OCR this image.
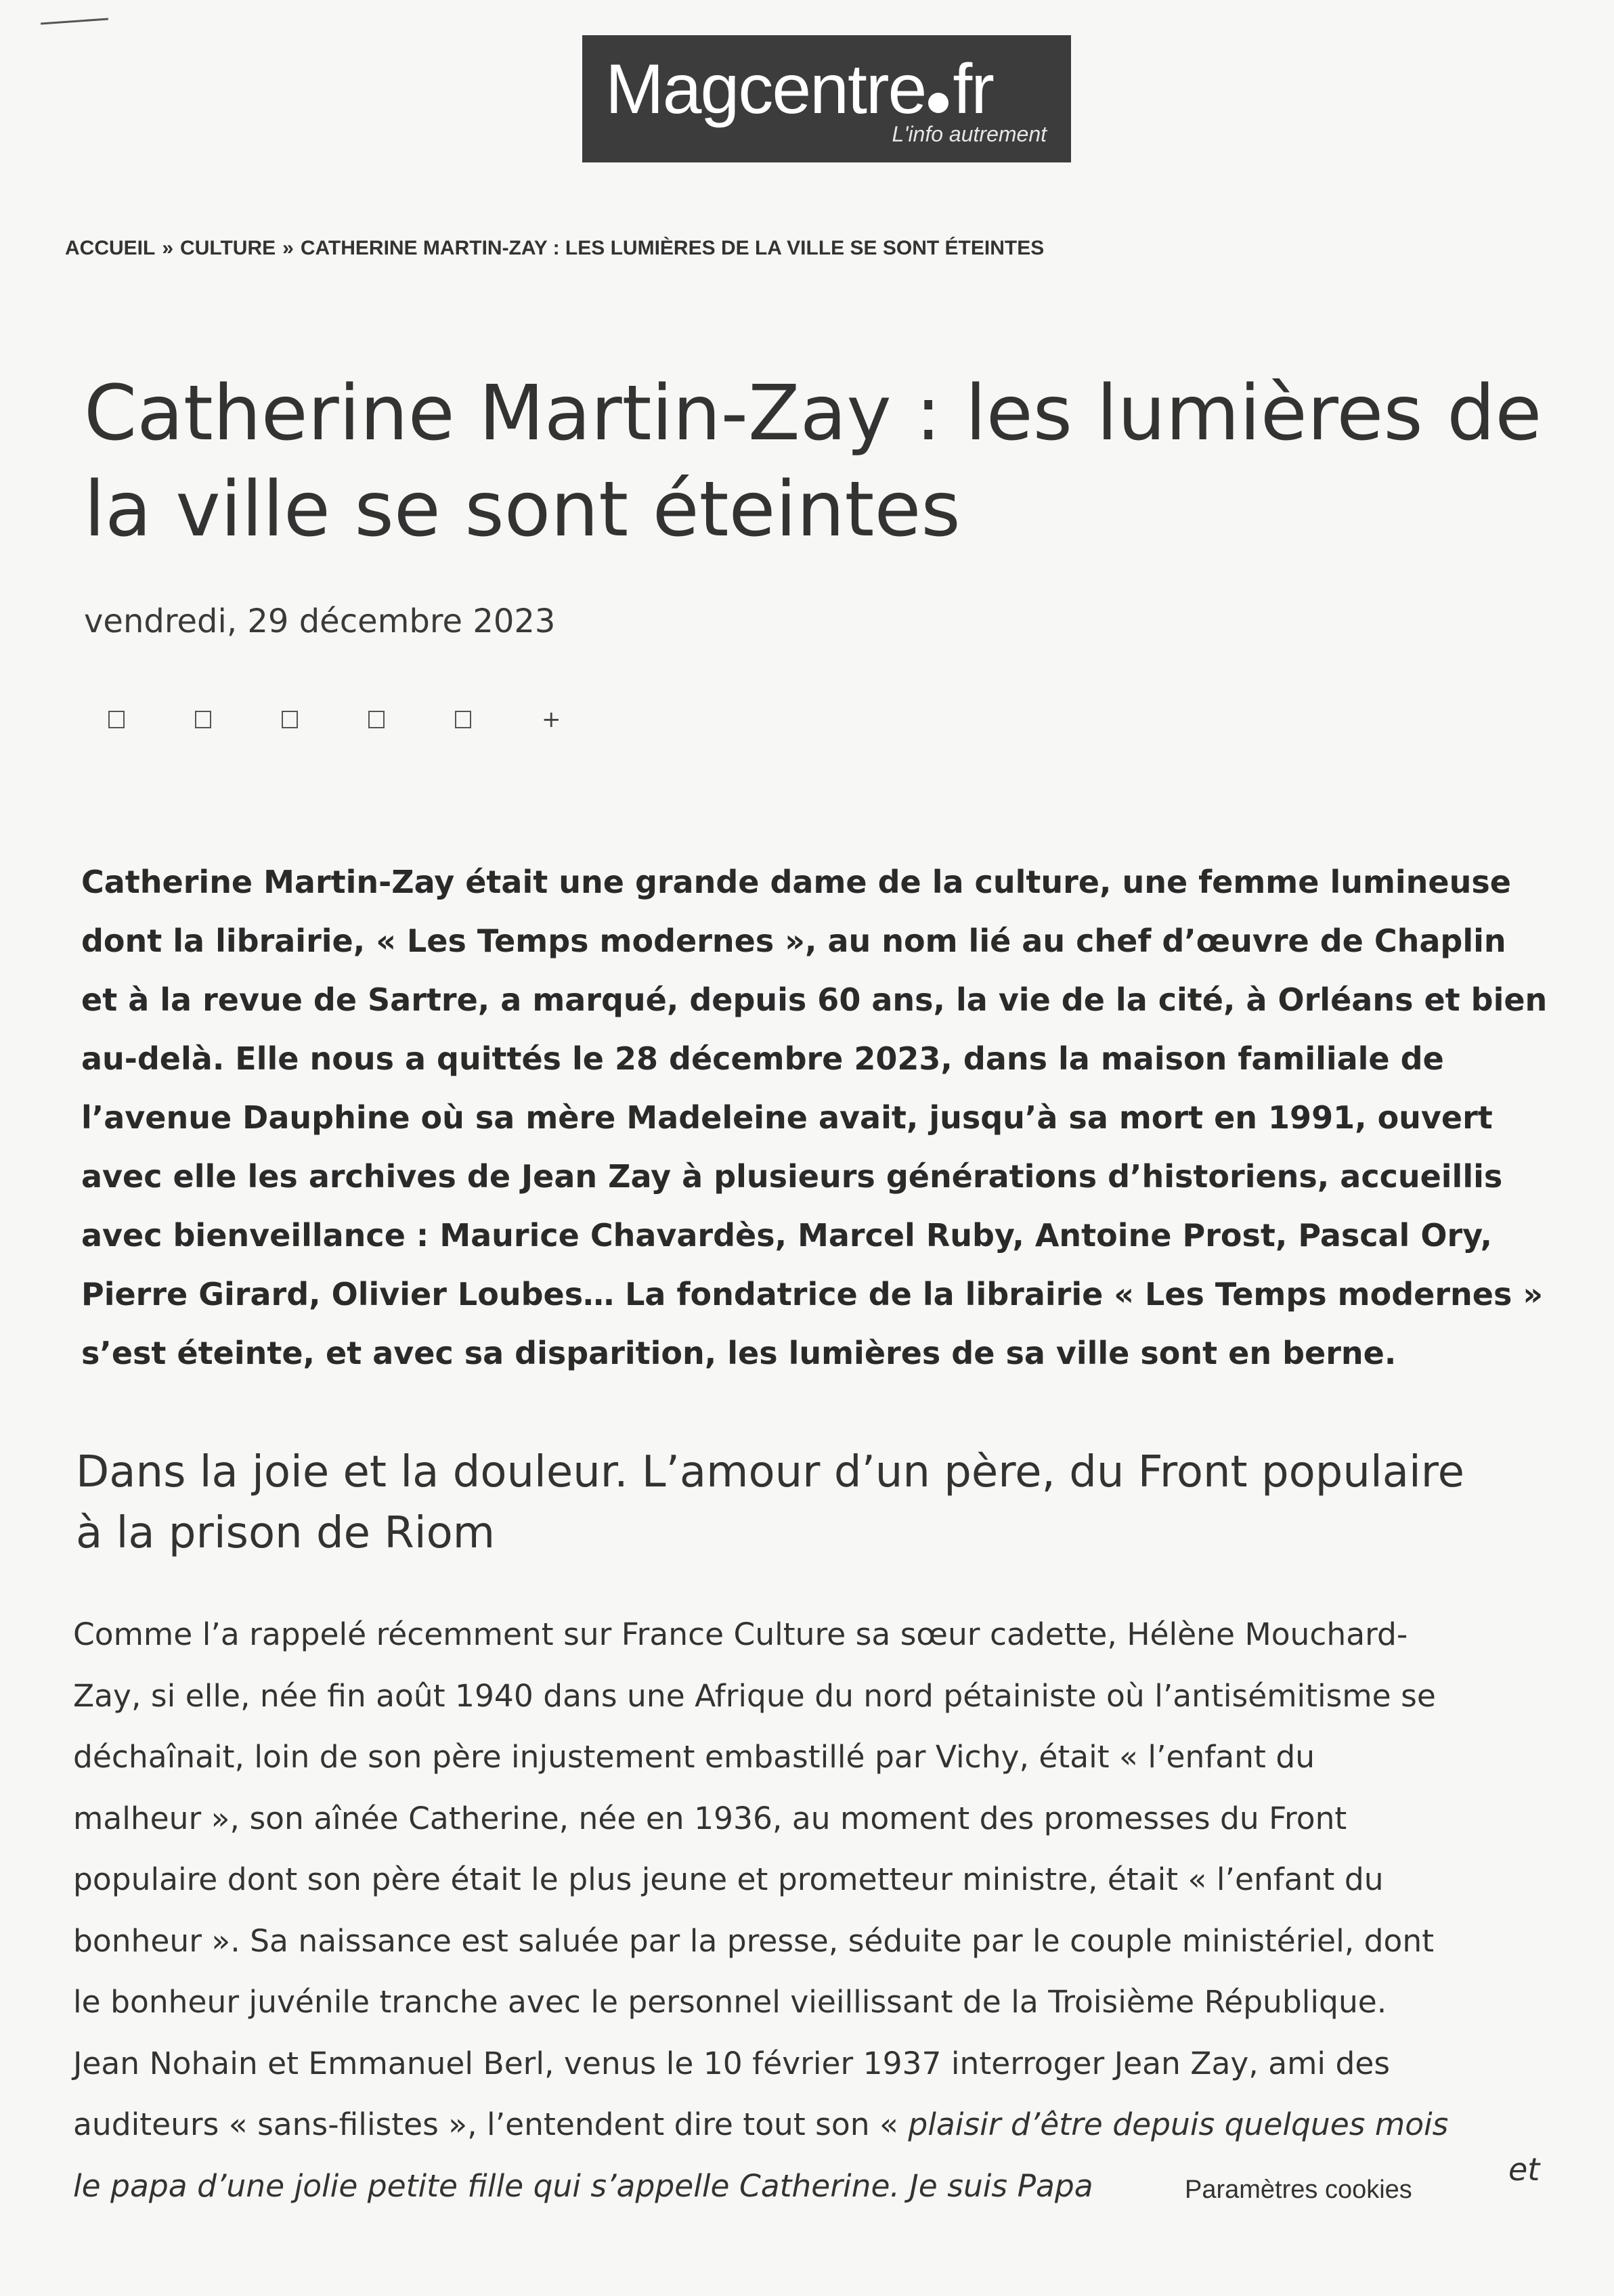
Magcentre fr
L'info autrement
ACCUEIL » CULTURE » CATHERINE MARTIN-ZAY : LES LUMIÈRES DE LA VILLE SE SONT ÉTEINTES
Catherine Martin-Zay : les lumières de la ville se sont éteintes
vendredi, 29 décembre 2023
+

Catherine Martin-Zay était une grande dame de la culture, une femme lumineuse
dont la librairie, « Les Temps modernes », au nom lié au chef d’œuvre de Chaplin
et à la revue de Sartre, a marqué, depuis 60 ans, la vie de la cité, à Orléans et bien
au-delà. Elle nous a quittés le 28 décembre 2023, dans la maison familiale de
l’avenue Dauphine où sa mère Madeleine avait, jusqu’à sa mort en 1991, ouvert
avec elle les archives de Jean Zay à plusieurs générations d’historiens, accueillis
avec bienveillance : Maurice Chavardès, Marcel Ruby, Antoine Prost, Pascal Ory,
Pierre Girard, Olivier Loubes… La fondatrice de la librairie « Les Temps modernes »
s’est éteinte, et avec sa disparition, les lumières de sa ville sont en berne.

Dans la joie et la douleur. L’amour d’un père, du Front populaire
à la prison de Riom

Comme l’a rappelé récemment sur France Culture sa sœur cadette, Hélène Mouchard-
Zay, si elle, née fin août 1940 dans une Afrique du nord pétainiste où l’antisémitisme se
déchaînait, loin de son père injustement embastillé par Vichy, était « l’enfant du
malheur », son aînée Catherine, née en 1936, au moment des promesses du Front
populaire dont son père était le plus jeune et prometteur ministre, était « l’enfant du
bonheur ». Sa naissance est saluée par la presse, séduite par le couple ministériel, dont
le bonheur juvénile tranche avec le personnel vieillissant de la Troisième République.
Jean Nohain et Emmanuel Berl, venus le 10 février 1937 interroger Jean Zay, ami des
auditeurs « sans-filistes », l’entendent dire tout son « plaisir d’être depuis quelques mois
le papa d’une jolie petite fille qui s’appelle Catherine. Je suis Papa	et
Paramètres cookies
